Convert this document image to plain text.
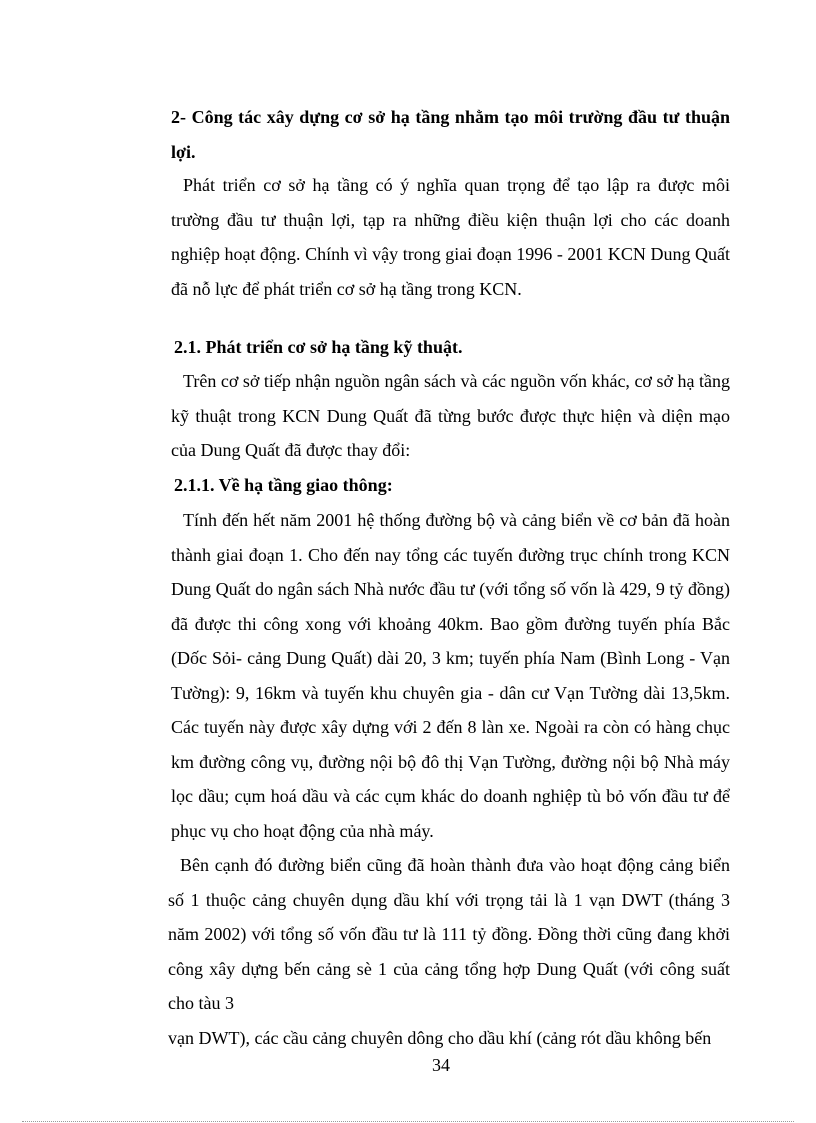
2- Công tác xây dựng cơ sở hạ tầng nhằm tạo môi trường đầu tư thuận lợi.
Phát triển cơ sở hạ tầng có ý nghĩa quan trọng để tạo lập ra được môi trường đầu tư thuận lợi, tạp ra những điều kiện thuận lợi cho các doanh nghiệp hoạt động. Chính vì vậy trong giai đoạn 1996 - 2001 KCN Dung Quất đã nỗ lực để phát triển cơ sở hạ tầng trong KCN.
2.1. Phát triển cơ sở hạ tầng kỹ thuật.
Trên cơ sở tiếp nhận nguồn ngân sách và các nguồn vốn khác, cơ sở hạ tầng kỹ thuật trong KCN Dung Quất đã từng bước được thực hiện và diện mạo của Dung Quất đã được thay đổi:
2.1.1. Về hạ tầng giao thông:
Tính đến hết năm 2001 hệ thống đường bộ và cảng biển về cơ bản đã hoàn thành giai đoạn 1. Cho đến nay tổng các tuyến đường trục chính trong KCN Dung Quất do ngân sách Nhà nước đầu tư (với tổng số vốn là 429, 9 tỷ đồng) đã được thi công xong với khoảng 40km. Bao gồm đường tuyến phía Bắc (Dốc Sỏi- cảng Dung Quất) dài 20, 3 km; tuyến phía Nam (Bình Long - Vạn Tường): 9, 16km và tuyến khu chuyên gia - dân cư Vạn Tường dài 13,5km. Các tuyến này được xây dựng với 2 đến 8 làn xe. Ngoài ra còn có hàng chục km đường công vụ, đường nội bộ đô thị Vạn Tường, đường nội bộ Nhà máy lọc dầu; cụm hoá dầu và các cụm khác do doanh nghiệp tù bỏ vốn đầu tư để phục vụ cho hoạt động của nhà máy.
Bên cạnh đó đường biển cũng đã hoàn thành đưa vào hoạt động cảng biển số 1 thuộc cảng chuyên dụng dầu khí với trọng tải là 1 vạn DWT (tháng 3 năm 2002) với tổng số vốn đầu tư là 111 tỷ đồng. Đồng thời cũng đang khởi công xây dựng bến cảng sè 1 của cảng tổng hợp Dung Quất (với công suất cho tàu 3
vạn DWT), các cầu cảng chuyên dông cho dầu khí (cảng rót dầu không bến
34
